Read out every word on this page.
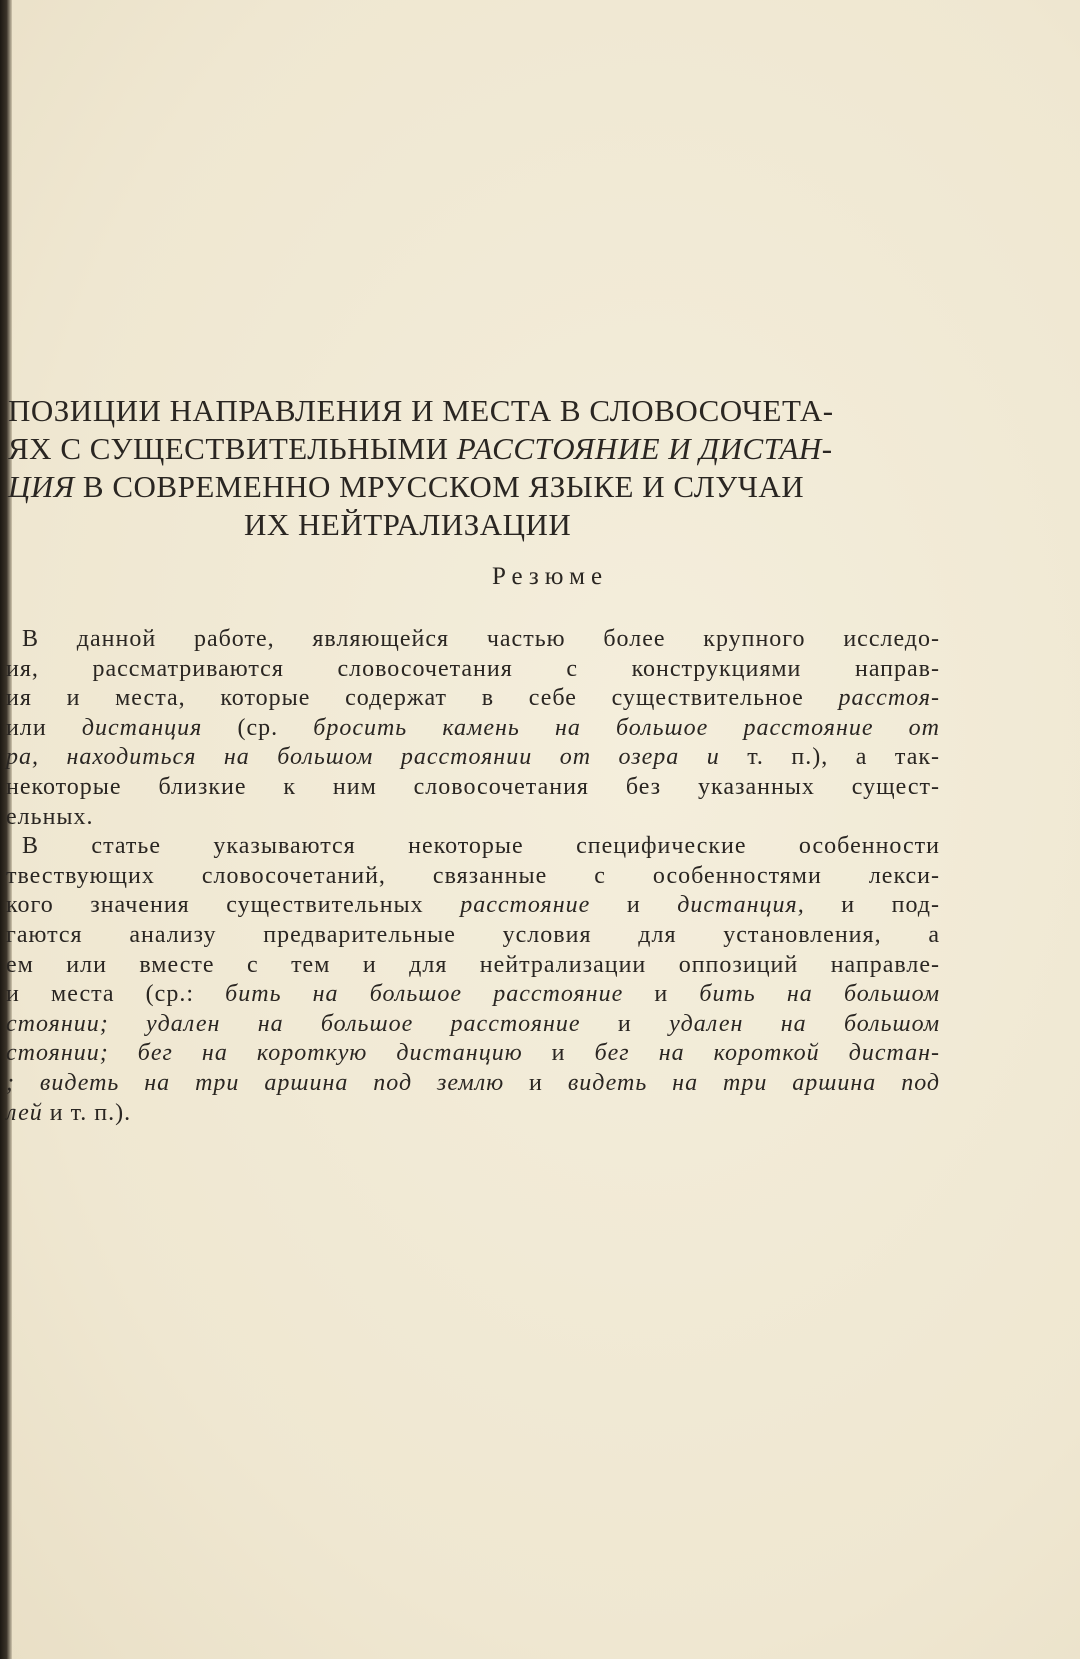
ПОЗИЦИИ НАПРАВЛЕНИЯ И МЕСТА В СЛОВОСОЧЕТА-
ЯХ С СУЩЕСТВИТЕЛЬНЫМИ РАССТОЯНИЕ И ДИСТАН-
ЦИЯ В СОВРЕМЕННО МРУССКОМ ЯЗЫКЕ И СЛУЧАИ
ИХ НЕЙТРАЛИЗАЦИИ
Резюме
В данной работе, являющейся частью более крупного исследо-
ия, рассматриваются словосочетания с конструкциями направ-
ия и места, которые содержат в себе существительное расстоя-
или дистанция (ср. бросить камень на большое расстояние от
ра, находиться на большом расстоянии от озера и т. п.), а так-
некоторые близкие к ним словосочетания без указанных сущест-
ельных.
В статье указываются некоторые специфические особенности
твествующих словосочетаний, связанные с особенностями лекси-
кого значения существительных расстояние и дистанция, и под-
гаются анализу предварительные условия для установления, а
ем или вместе с тем и для нейтрализации оппозиций направле-
и места (ср.: бить на большое расстояние и бить на большом
стоянии; удален на большое расстояние и удален на большом
стоянии; бег на короткую дистанцию и бег на короткой дистан-
; видеть на три аршина под землю и видеть на три аршина под
лей и т. п.).
